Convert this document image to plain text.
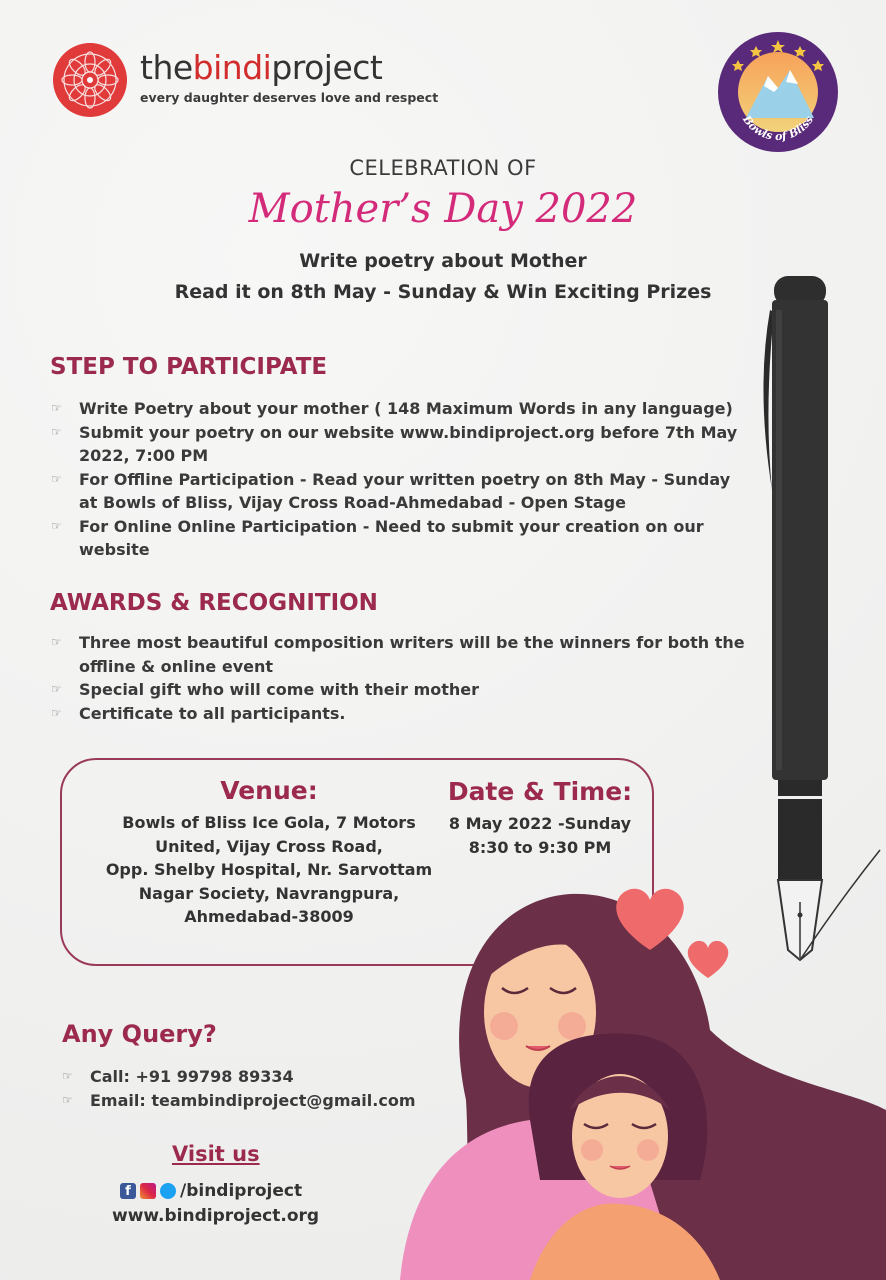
thebindiproject
every daughter deserves love and respect
Bowls of Bliss
CELEBRATION OF
Mother’s Day 2022
Write poetry about Mother
Read it on 8th May - Sunday & Win Exciting Prizes
STEP TO PARTICIPATE
☞ Write Poetry about your mother ( 148 Maximum Words in any language)
☞ Submit your poetry on our website www.bindiproject.org before 7th May 2022, 7:00 PM
☞ For Offline Participation - Read your written poetry on 8th May - Sunday at Bowls of Bliss, Vijay Cross Road-Ahmedabad - Open Stage
☞ For Online Online Participation - Need to submit your creation on our website
AWARDS & RECOGNITION
☞ Three most beautiful composition writers will be the winners for both the offline & online event
☞ Special gift who will come with their mother
☞ Certificate to all participants.
Venue:
Bowls of Bliss Ice Gola, 7 Motors
United, Vijay Cross Road,
Opp. Shelby Hospital, Nr. Sarvottam
Nagar Society, Navrangpura,
Ahmedabad-38009
Date & Time:
8 May 2022 -Sunday
8:30 to 9:30 PM
Any Query?
☞ Call: +91 99798 89334
☞ Email: teambindiproject@gmail.com
Visit us
f	/bindiproject
www.bindiproject.org
